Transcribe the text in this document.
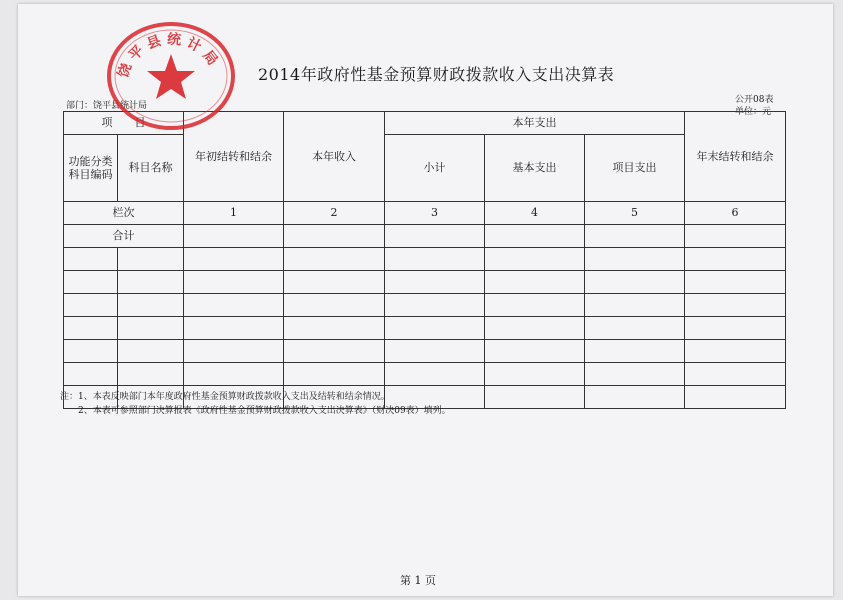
2014年政府性基金预算财政拨款收入支出决算表
部门：饶平县统计局
公开08表
单位：元
项　　目		年初结转和结余	本年收入	本年支出			年末结转和结余
功能分类科目编码	科目名称			小计	基本支出	项目支出	
栏次		1	2	3	4	5	6
合计							

饶 平 县 统 计 局
注：1、本表反映部门本年度政府性基金预算财政拨款收入支出及结转和结余情况。
　　2、本表可参照部门决算报表《政府性基金预算财政拨款收入支出决算表》（财决09表）填列。
第 1 页
